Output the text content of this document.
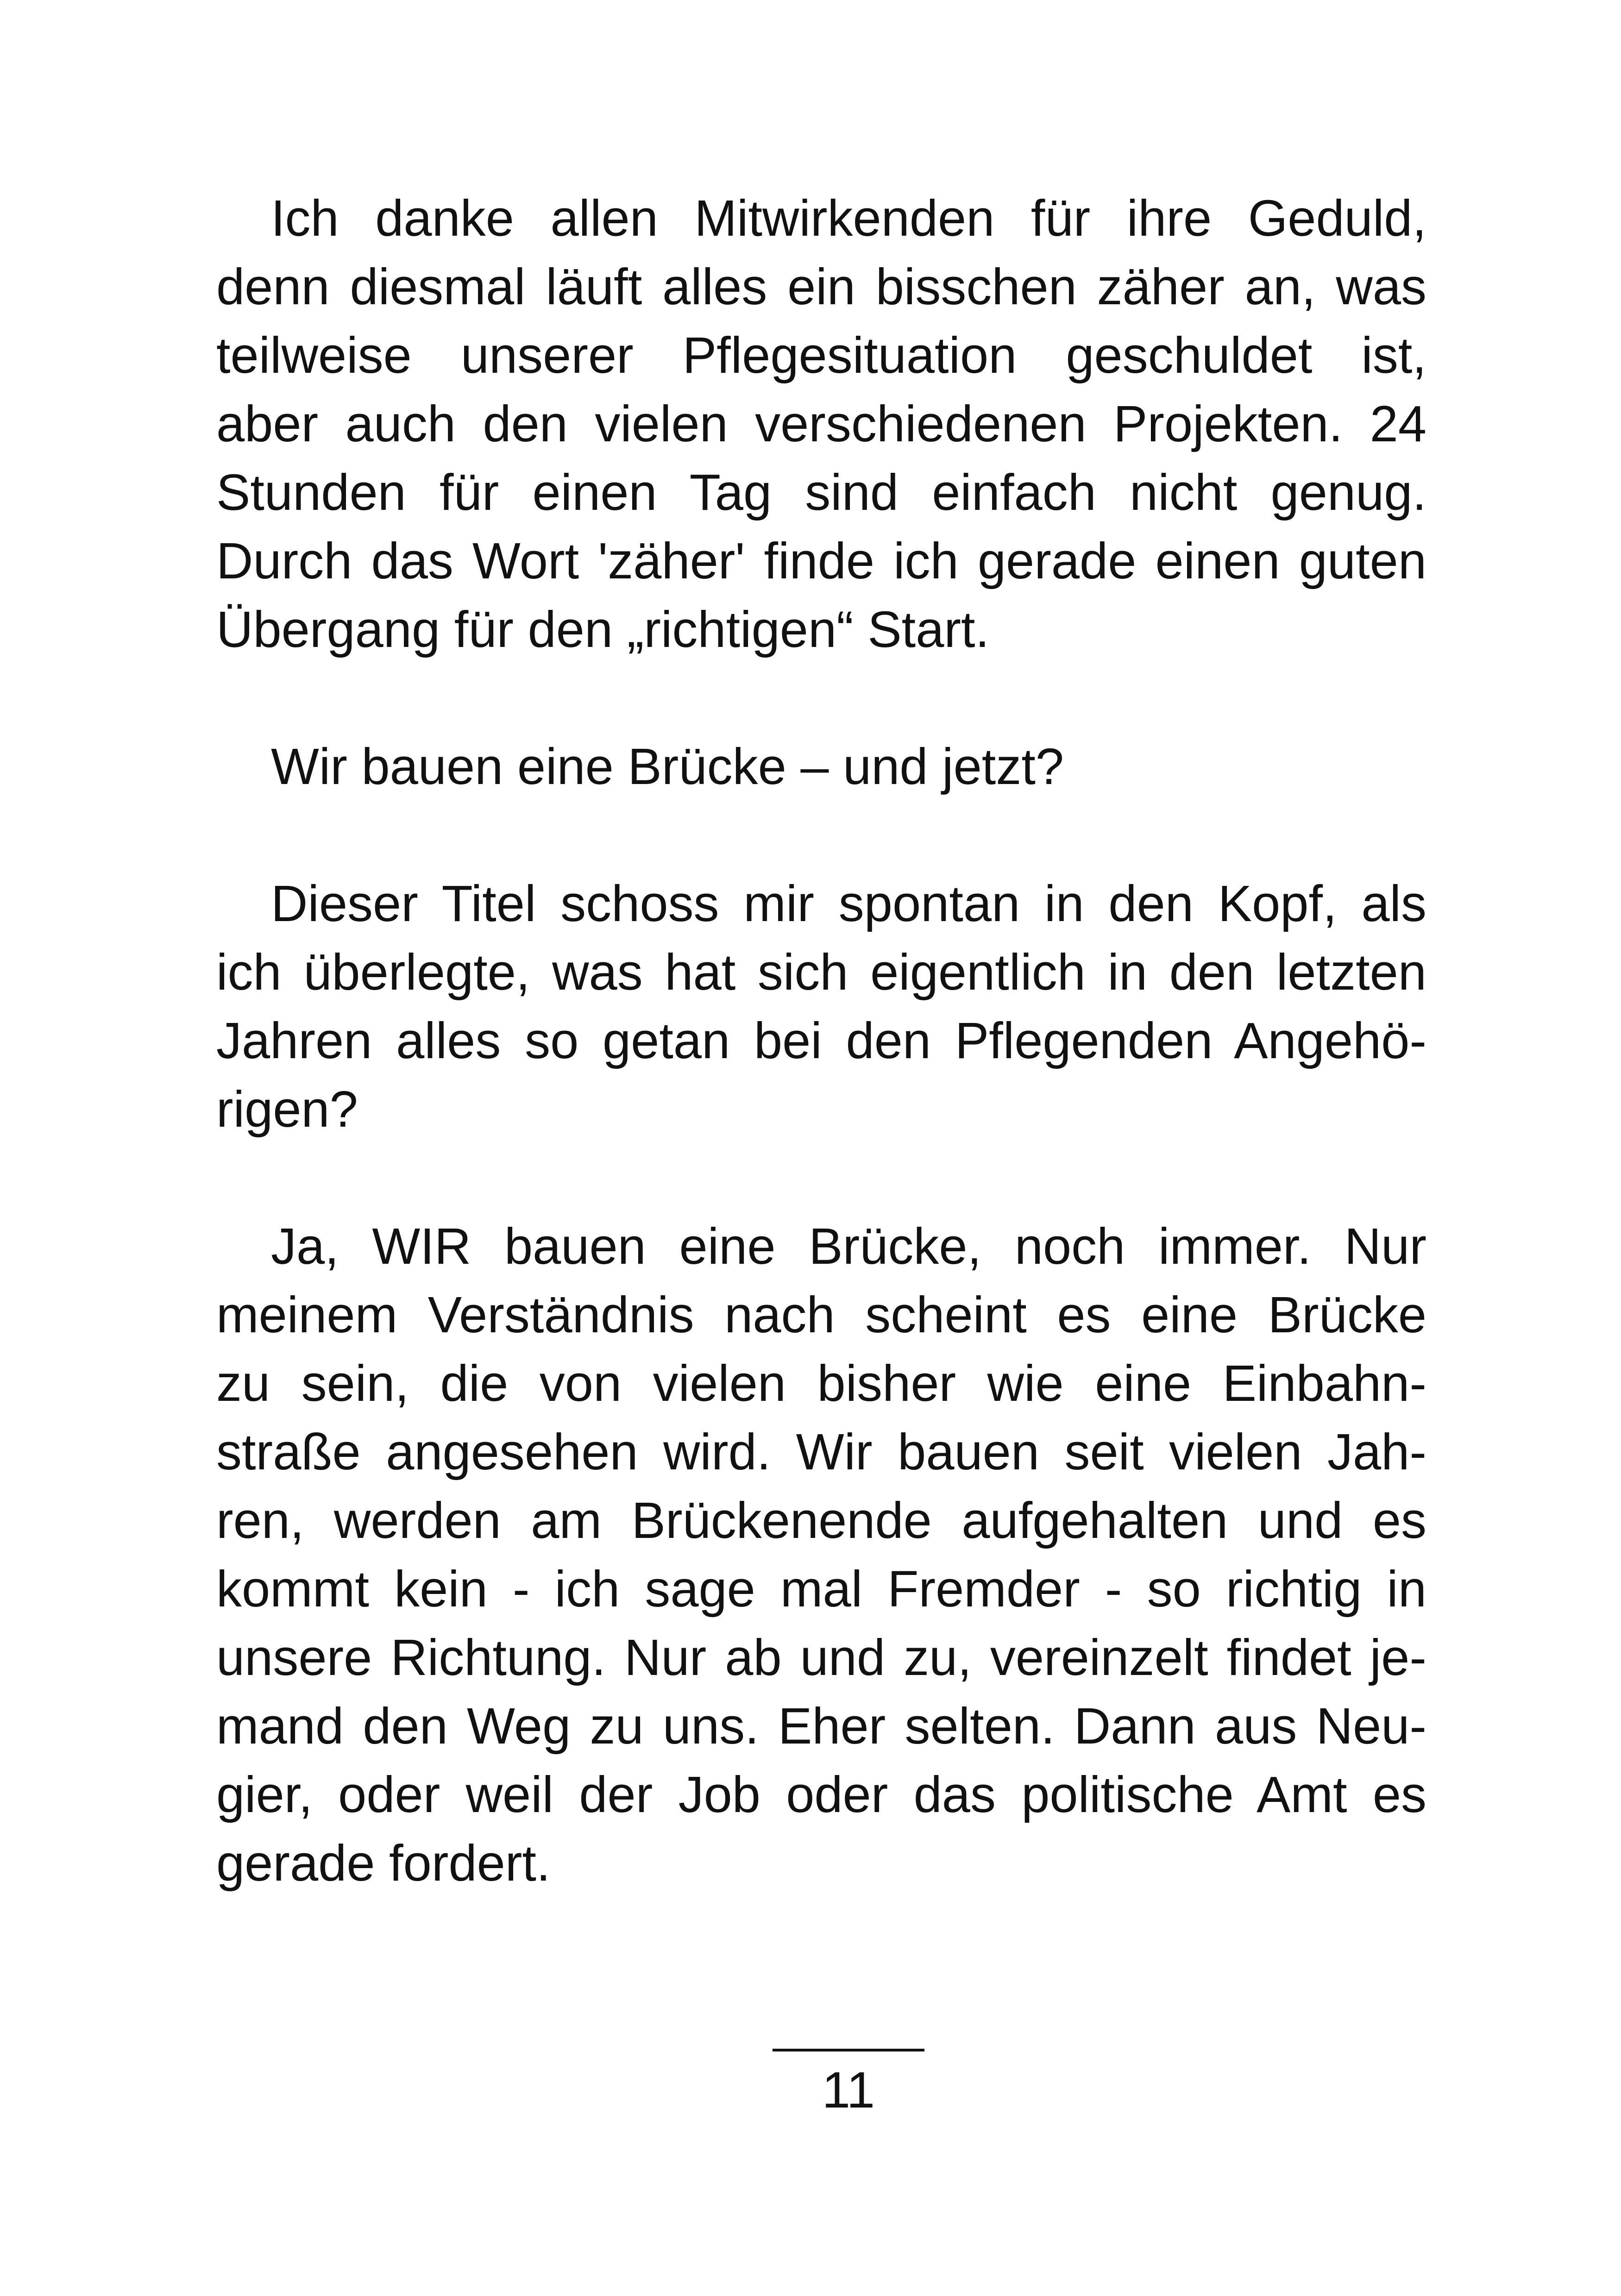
Ich danke allen Mitwirkenden für ihre Geduld,
denn diesmal läuft alles ein bisschen zäher an, was
teilweise unserer Pflegesituation geschuldet ist,
aber auch den vielen verschiedenen Projekten. 24
Stunden für einen Tag sind einfach nicht genug.
Durch das Wort 'zäher' finde ich gerade einen guten
Übergang für den „richtigen“ Start.

Wir bauen eine Brücke – und jetzt?

Dieser Titel schoss mir spontan in den Kopf, als
ich überlegte, was hat sich eigentlich in den letzten
Jahren alles so getan bei den Pflegenden Angehö-
rigen?

Ja, WIR bauen eine Brücke, noch immer. Nur
meinem Verständnis nach scheint es eine Brücke
zu sein, die von vielen bisher wie eine Einbahn-
straße angesehen wird. Wir bauen seit vielen Jah-
ren, werden am Brückenende aufgehalten und es
kommt kein - ich sage mal Fremder - so richtig in
unsere Richtung. Nur ab und zu, vereinzelt findet je-
mand den Weg zu uns. Eher selten. Dann aus Neu-
gier, oder weil der Job oder das politische Amt es
gerade fordert.

11
